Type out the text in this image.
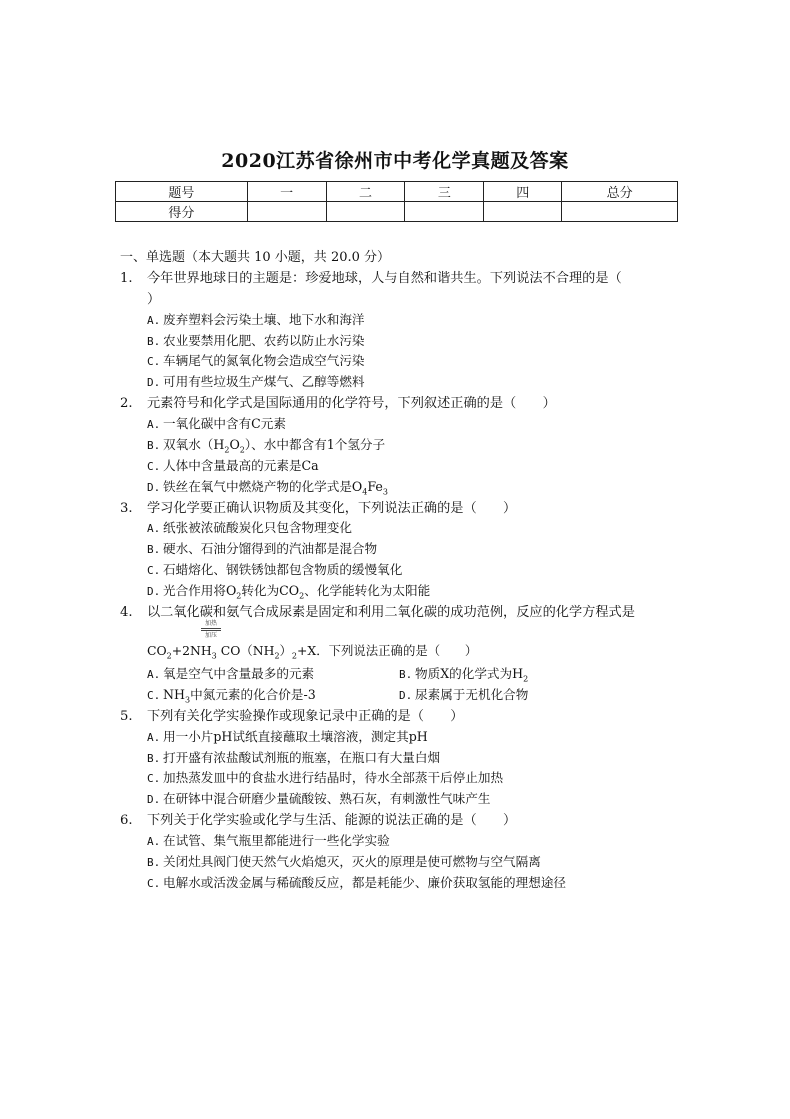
2020江苏省徐州市中考化学真题及答案
题号	一	二	三	四	总分
得分					
一、单选题（本大题共 10 小题，共 20.0 分）
1. 今年世界地球日的主题是：珍爱地球，人与自然和谐共生。下列说法不合理的是（
）
A. 废弃塑料会污染土壤、地下水和海洋
B. 农业要禁用化肥、农药以防止水污染
C. 车辆尾气的氮氧化物会造成空气污染
D. 可用有些垃圾生产煤气、乙醇等燃料
2. 元素符号和化学式是国际通用的化学符号，下列叙述正确的是（　　）
A. 一氧化碳中含有C元素
B. 双氧水$(H_2O_2)$、水中都含有1个氢分子
C. 人体中含量最高的元素是Ca
D. 铁丝在氧气中燃烧产物的化学式是$O_4Fe_3$
3. 学习化学要正确认识物质及其变化，下列说法正确的是（　　）
A. 纸张被浓硫酸炭化只包含物理变化
B. 硬水、石油分馏得到的汽油都是混合物
C. 石蜡熔化、钢铁锈蚀都包含物质的缓慢氧化
D. 光合作用将$O_2$转化为$CO_2$、化学能转化为太阳能
4. 以二氧化碳和氨气合成尿素是固定和利用二氧化碳的成功范例，反应的化学方程式是
加热
加压
$CO_2+2NH_3$ $CO(NH_2)_2+X$．下列说法正确的是（　　）
A. 氧是空气中含量最多的元素	B. 物质X的化学式为$H_2$
C. $NH_3$中氮元素的化合价是-3	D. 尿素属于无机化合物
5. 下列有关化学实验操作或现象记录中正确的是（　　）
A. 用一小片pH试纸直接蘸取土壤溶液，测定其pH
B. 打开盛有浓盐酸试剂瓶的瓶塞，在瓶口有大量白烟
C. 加热蒸发皿中的食盐水进行结晶时，待水全部蒸干后停止加热
D. 在研钵中混合研磨少量硫酸铵、熟石灰，有刺激性气味产生
6. 下列关于化学实验或化学与生活、能源的说法正确的是（　　）
A. 在试管、集气瓶里都能进行一些化学实验
B. 关闭灶具阀门使天然气火焰熄灭，灭火的原理是使可燃物与空气隔离
C. 电解水或活泼金属与稀硫酸反应，都是耗能少、廉价获取氢能的理想途径
